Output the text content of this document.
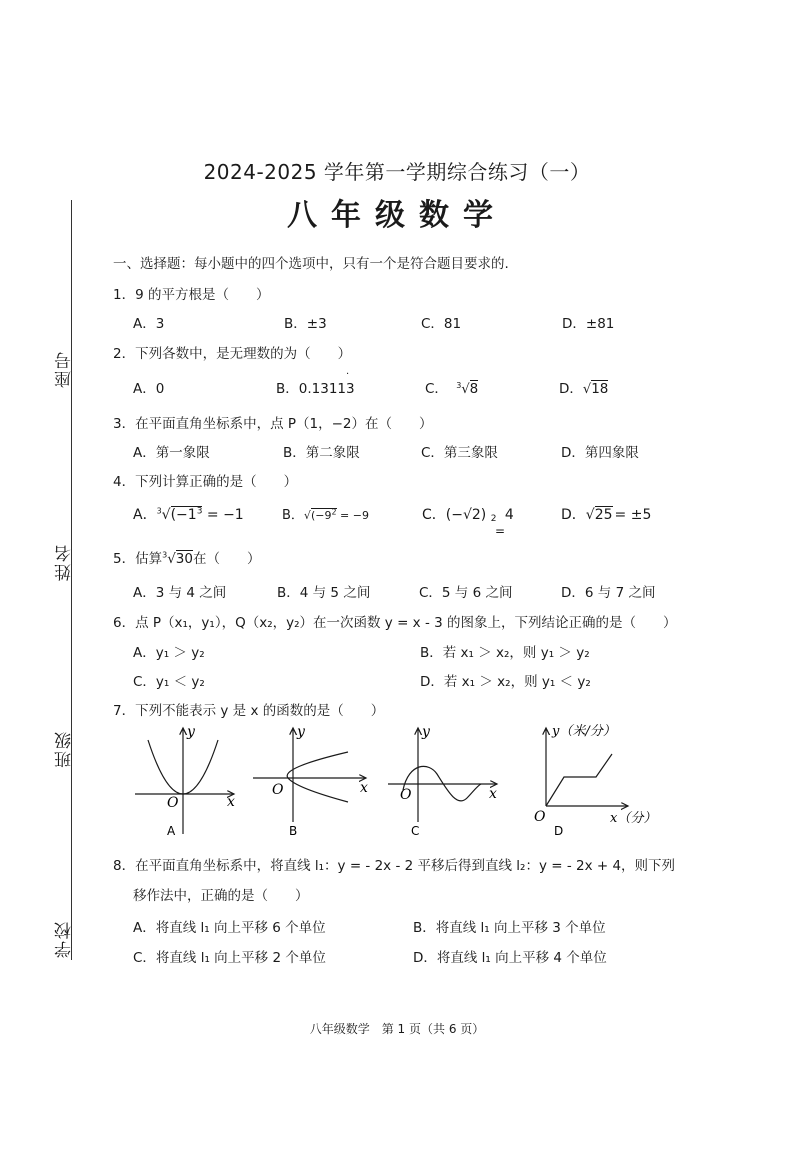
座号
姓名
班级
学校
2024-2025 学年第一学期综合练习（一）
八年级数学
一、选择题：每小题中的四个选项中，只有一个是符合题目要求的.
1．9 的平方根是（　　）
A．3	B．±3	C．81	D．±81
2．下列各数中，是无理数的为（　　）
A．0	B．0.13113
·
C． $^3$√8	D．√18
3．在平面直角坐标系中，点 P（1，−2）在（　　）
A．第一象限	B．第二象限	C．第三象限	D．第四象限
4．下列计算正确的是（　　）
A．$^3√(-1^3 = -1$	B．$√(-9^2 = -9$	C．(−√2) 2 4
=
D．√25 = ±5
5．估算$^3$√30在（　　）
A．3 与 4 之间	B．4 与 5 之间	C．5 与 6 之间	D．6 与 7 之间
6．点 P（x₁，y₁），Q（x₂，y₂）在一次函数 y = x - 3 的图象上，下列结论正确的是（　　）
A．y₁ ＞ y₂	B．若 x₁ ＞ x₂，则 y₁ ＞ y₂
C．y₁ ＜ y₂	D．若 x₁ ＞ x₂，则 y₁ ＜ y₂
7．下列不能表示 y 是 x 的函数的是（　　）
x
y
O
A
x
y
O
B
x
y
O
C
y（米/分）
x（分）
O
D
8．在平面直角坐标系中，将直线 l₁：y = - 2x - 2 平移后得到直线 l₂：y = - 2x + 4，则下列
移作法中，正确的是（　　）
A．将直线 l₁ 向上平移 6 个单位	B．将直线 l₁ 向上平移 3 个单位
C．将直线 l₁ 向上平移 2 个单位	D．将直线 l₁ 向上平移 4 个单位
八年级数学　第 1 页（共 6 页）
